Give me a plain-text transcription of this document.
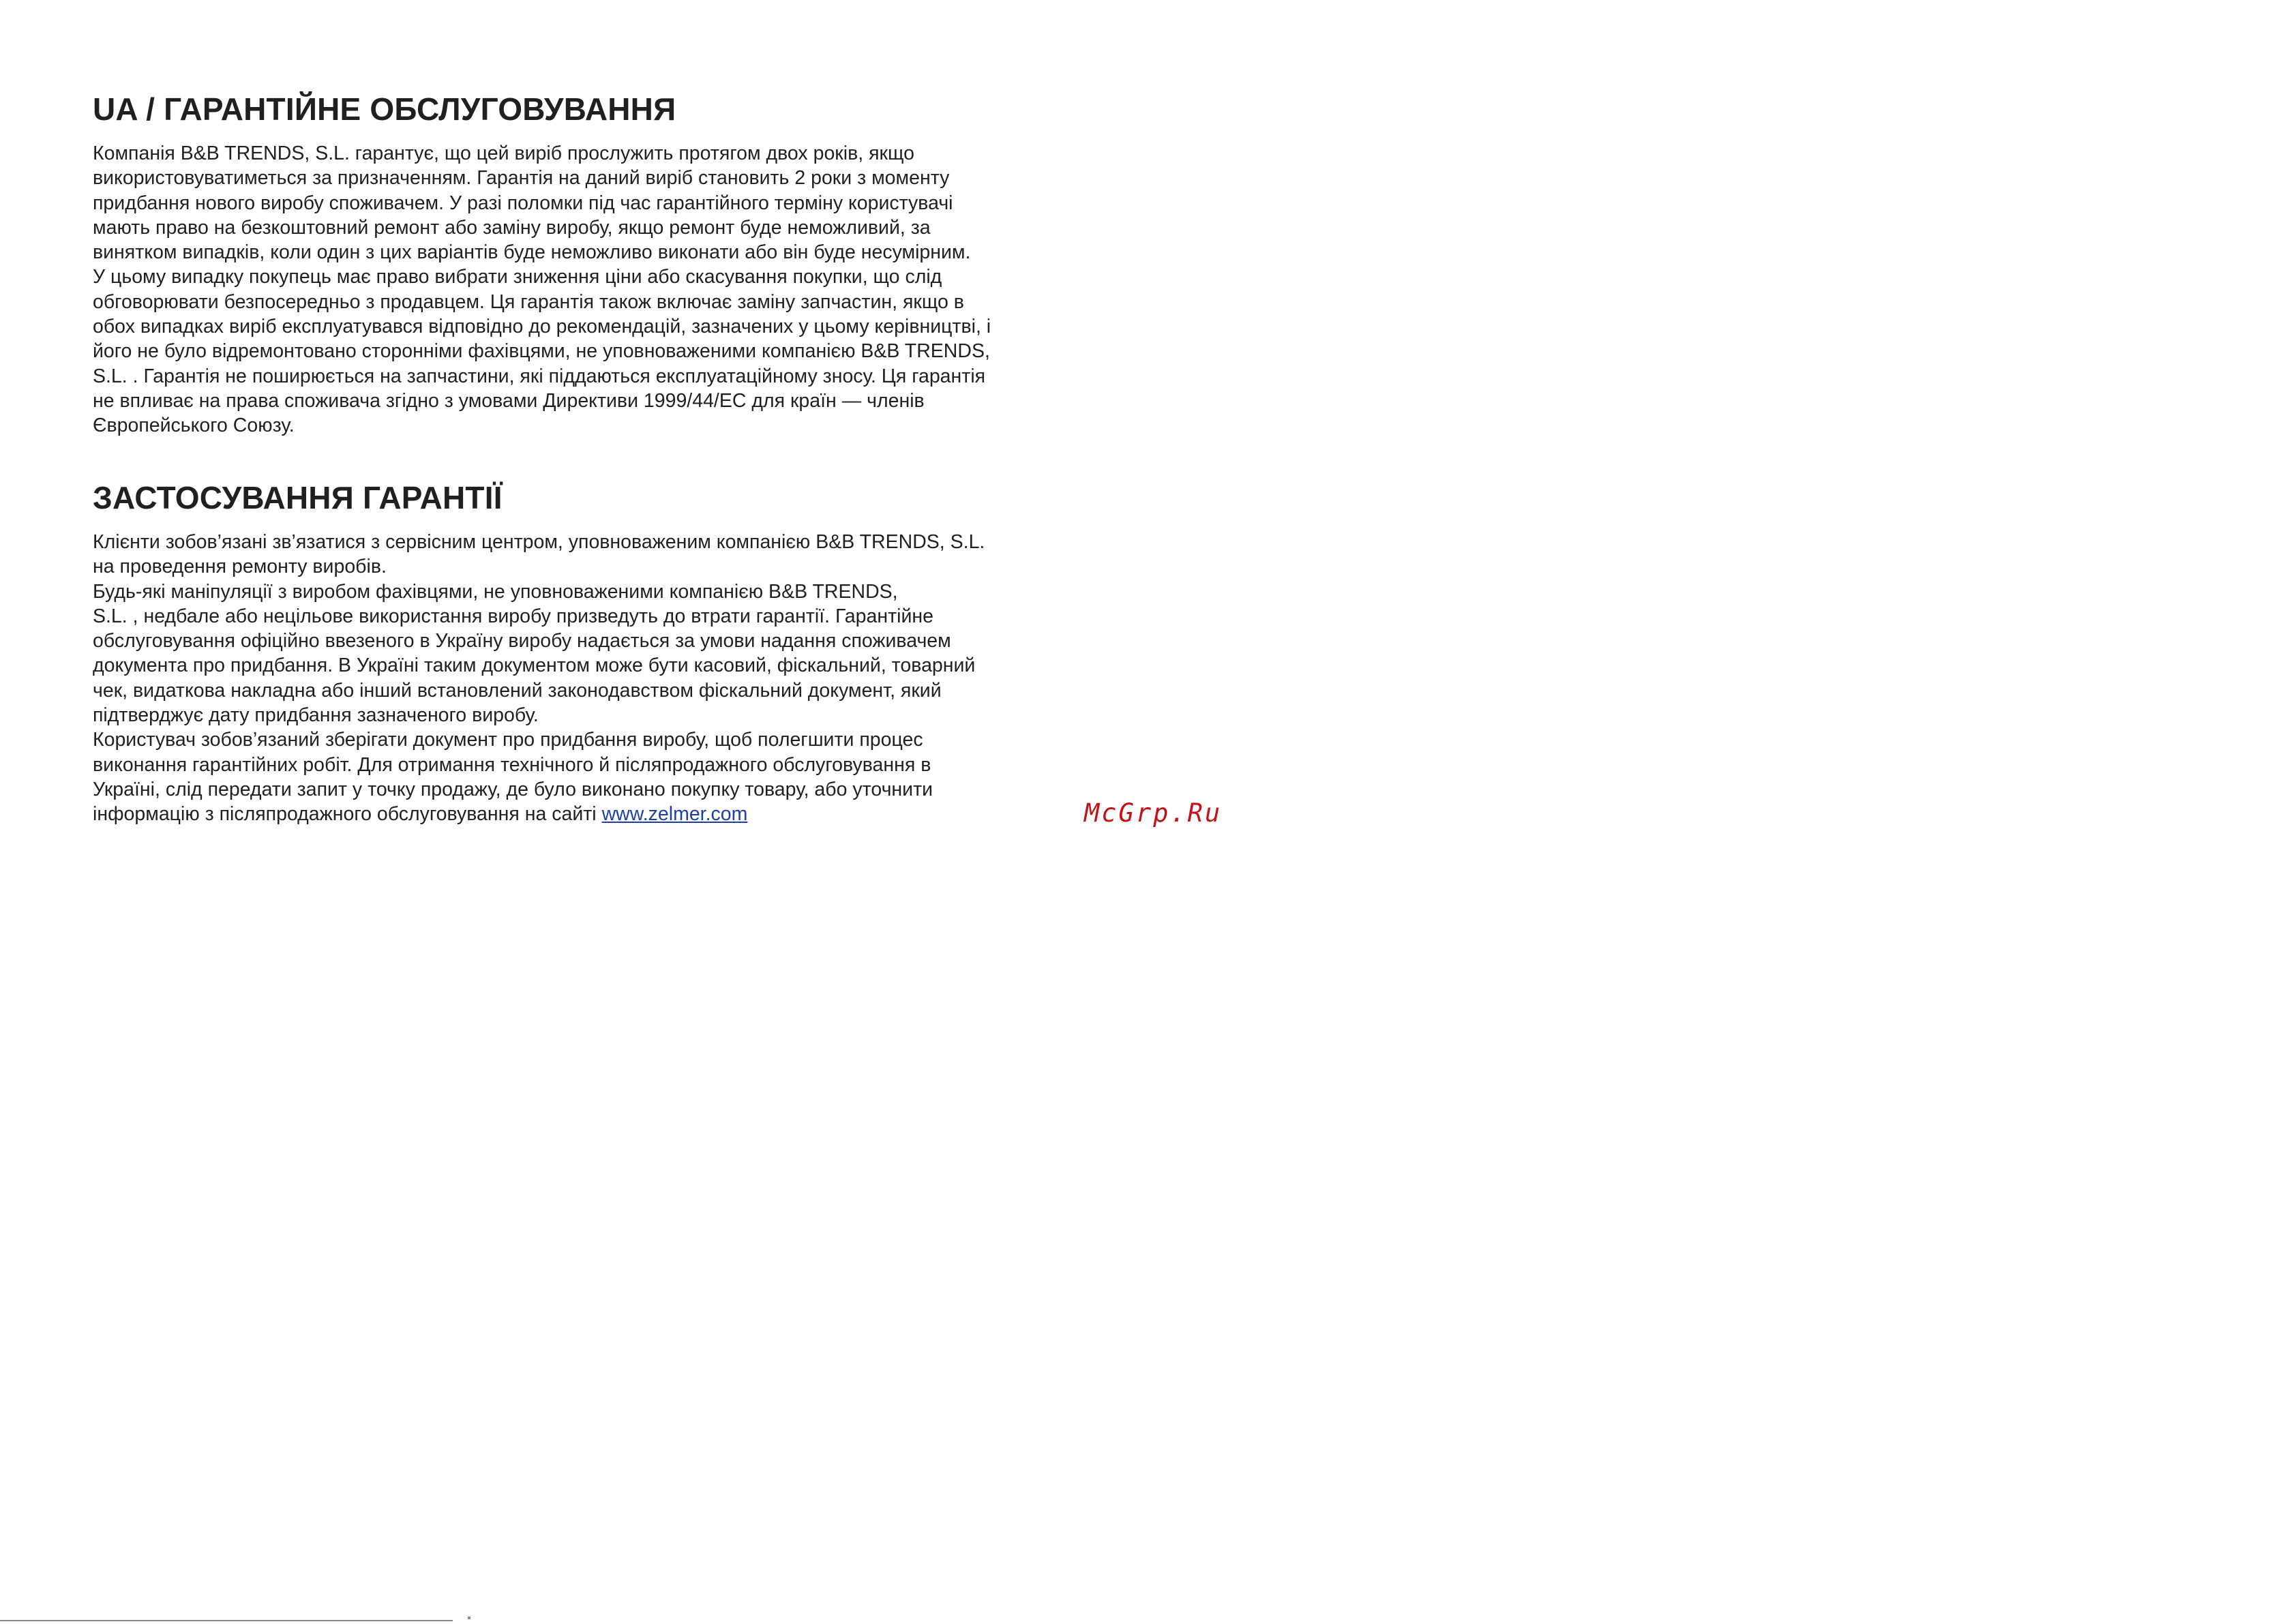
UA / ГАРАНТІЙНЕ ОБСЛУГОВУВАННЯ
Компанія B&B TRENDS, S.L. гарантує, що цей виріб прослужить протягом двох років, якщо
використовуватиметься за призначенням. Гарантія на даний виріб становить 2 роки з моменту
придбання нового виробу споживачем. У разі поломки під час гарантійного терміну користувачі
мають право на безкоштовний ремонт або заміну виробу, якщо ремонт буде неможливий, за
винятком випадків, коли один з цих варіантів буде неможливо виконати або він буде несумірним.
У цьому випадку покупець має право вибрати зниження ціни або скасування покупки, що слід
обговорювати безпосередньо з продавцем. Ця гарантія також включає заміну запчастин, якщо в
обох випадках виріб експлуатувався відповідно до рекомендацій, зазначених у цьому керівництві, і
його не було відремонтовано сторонніми фахівцями, не уповноваженими компанією B&B TRENDS,
S.L. . Гарантія не поширюється на запчастини, які піддаються експлуатаційному зносу. Ця гарантія
не впливає на права споживача згідно з умовами Директиви 1999/44/ЕС для країн — членів
Європейського Союзу.
ЗАСТОСУВАННЯ ГАРАНТІЇ
Клієнти зобов’язані зв’язатися з сервісним центром, уповноваженим компанією B&B TRENDS, S.L.
на проведення ремонту виробів.
Будь-які маніпуляції з виробом фахівцями, не уповноваженими компанією B&B TRENDS,
S.L. , недбале або нецільове використання виробу призведуть до втрати гарантії. Гарантійне
обслуговування офіційно ввезеного в Україну виробу надається за умови надання споживачем
документа про придбання. В Україні таким документом може бути касовий, фіскальний, товарний
чек, видаткова накладна або інший встановлений законодавством фіскальний документ, який
підтверджує дату придбання зазначеного виробу.
Користувач зобов’язаний зберігати документ про придбання виробу, щоб полегшити процес
виконання гарантійних робіт. Для отримання технічного й післяпродажного обслуговування в
Україні, слід передати запит у точку продажу, де було виконано покупку товару, або уточнити
інформацію з післяпродажного обслуговування на сайті www.zelmer.com	McGrp.Ru
